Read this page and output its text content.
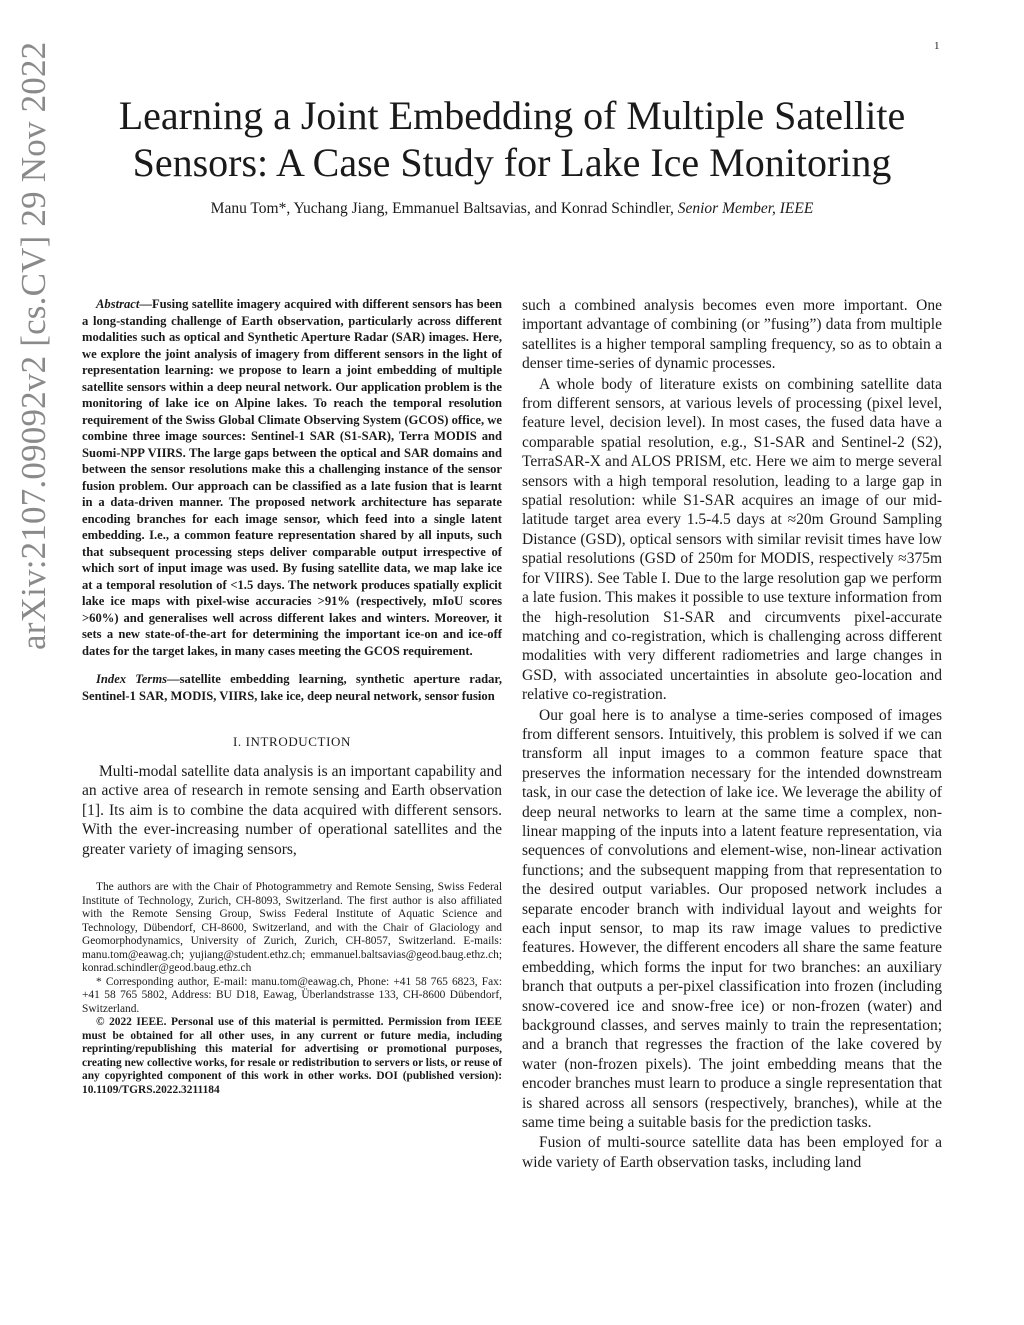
1
arXiv:2107.09092v2 [cs.CV] 29 Nov 2022	Learning a Joint Embedding of Multiple Satellite Sensors: A Case Study for Lake Ice Monitoring
Manu Tom*, Yuchang Jiang, Emmanuel Baltsavias, and Konrad Schindler, Senior Member, IEEE

Abstract—Fusing satellite imagery acquired with different sensors has been a long-standing challenge of Earth observation, particularly across different modalities such as optical and Synthetic Aperture Radar (SAR) images. Here, we explore the joint analysis of imagery from different sensors in the light of representation learning: we propose to learn a joint embedding of multiple satellite sensors within a deep neural network. Our application problem is the monitoring of lake ice on Alpine lakes. To reach the temporal resolution requirement of the Swiss Global Climate Observing System (GCOS) office, we combine three image sources: Sentinel-1 SAR (S1-SAR), Terra MODIS and Suomi-NPP VIIRS. The large gaps between the optical and SAR domains and between the sensor resolutions make this a challenging instance of the sensor fusion problem. Our approach can be classified as a late fusion that is learnt in a data-driven manner. The proposed network architecture has separate encoding branches for each image sensor, which feed into a single latent embedding. I.e., a common feature representation shared by all inputs, such that subsequent processing steps deliver comparable output irrespective of which sort of input image was used. By fusing satellite data, we map lake ice at a temporal resolution of <1.5 days. The network produces spatially explicit lake ice maps with pixel-wise accuracies >91% (respectively, mIoU scores >60%) and generalises well across different lakes and winters. Moreover, it sets a new state-of-the-art for determining the important ice-on and ice-off dates for the target lakes, in many cases meeting the GCOS requirement.

Index Terms—satellite embedding learning, synthetic aperture radar, Sentinel-1 SAR, MODIS, VIIRS, lake ice, deep neural network, sensor fusion

I. INTRODUCTION

Multi-modal satellite data analysis is an important capability and an active area of research in remote sensing and Earth observation [1]. Its aim is to combine the data acquired with different sensors. With the ever-increasing number of operational satellites and the greater variety of imaging sensors,

The authors are with the Chair of Photogrammetry and Remote Sensing, Swiss Federal Institute of Technology, Zurich, CH-8093, Switzerland. The first author is also affiliated with the Remote Sensing Group, Swiss Federal Institute of Aquatic Science and Technology, Dübendorf, CH-8600, Switzerland, and with the Chair of Glaciology and Geomorphodynamics, University of Zurich, Zurich, CH-8057, Switzerland. E-mails: manu.tom@eawag.ch; yujiang@student.ethz.ch; emmanuel.baltsavias@geod.baug.ethz.ch; konrad.schindler@geod.baug.ethz.ch

* Corresponding author, E-mail: manu.tom@eawag.ch, Phone: +41 58 765 6823, Fax: +41 58 765 5802, Address: BU D18, Eawag, Überlandstrasse 133, CH-8600 Dübendorf, Switzerland.

© 2022 IEEE. Personal use of this material is permitted. Permission from IEEE must be obtained for all other uses, in any current or future media, including reprinting/republishing this material for advertising or promotional purposes, creating new collective works, for resale or redistribution to servers or lists, or reuse of any copyrighted component of this work in other works. DOI (published version): 10.1109/TGRS.2022.3211184

such a combined analysis becomes even more important. One important advantage of combining (or ”fusing”) data from multiple satellites is a higher temporal sampling frequency, so as to obtain a denser time-series of dynamic processes.

A whole body of literature exists on combining satellite data from different sensors, at various levels of processing (pixel level, feature level, decision level). In most cases, the fused data have a comparable spatial resolution, e.g., S1-SAR and Sentinel-2 (S2), TerraSAR-X and ALOS PRISM, etc. Here we aim to merge several sensors with a high temporal resolution, leading to a large gap in spatial resolution: while S1-SAR acquires an image of our mid-latitude target area every 1.5-4.5 days at ≈20m Ground Sampling Distance (GSD), optical sensors with similar revisit times have low spatial resolutions (GSD of 250m for MODIS, respectively ≈375m for VIIRS). See Table I. Due to the large resolution gap we perform a late fusion. This makes it possible to use texture information from the high-resolution S1-SAR and circumvents pixel-accurate matching and co-registration, which is challenging across different modalities with very different radiometries and large changes in GSD, with associated uncertainties in absolute geo-location and relative co-registration.

Our goal here is to analyse a time-series composed of images from different sensors. Intuitively, this problem is solved if we can transform all input images to a common feature space that preserves the information necessary for the intended downstream task, in our case the detection of lake ice. We leverage the ability of deep neural networks to learn at the same time a complex, non-linear mapping of the inputs into a latent feature representation, via sequences of convolutions and element-wise, non-linear activation functions; and the subsequent mapping from that representation to the desired output variables. Our proposed network includes a separate encoder branch with individual layout and weights for each input sensor, to map its raw image values to predictive features. However, the different encoders all share the same feature embedding, which forms the input for two branches: an auxiliary branch that outputs a per-pixel classification into frozen (including snow-covered ice and snow-free ice) or non-frozen (water) and background classes, and serves mainly to train the representation; and a branch that regresses the fraction of the lake covered by water (non-frozen pixels). The joint embedding means that the encoder branches must learn to produce a single representation that is shared across all sensors (respectively, branches), while at the same time being a suitable basis for the prediction tasks.

Fusion of multi-source satellite data has been employed for a wide variety of Earth observation tasks, including land
